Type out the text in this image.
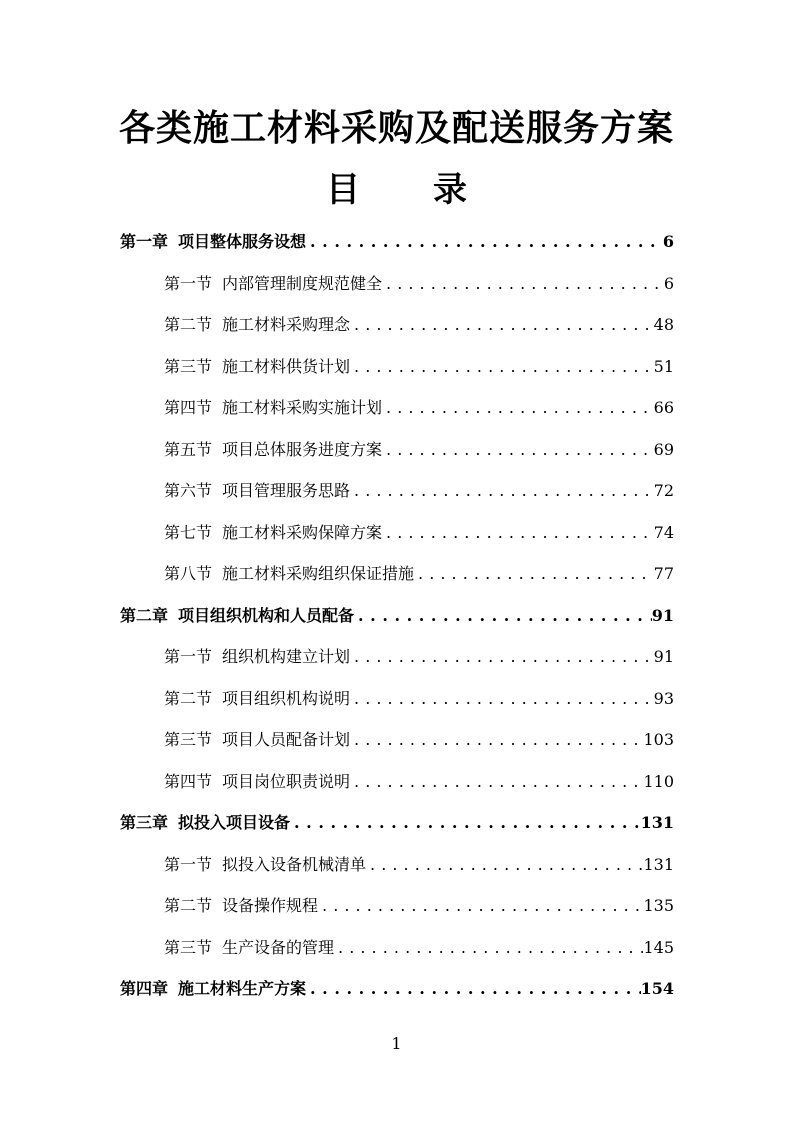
各类施工材料采购及配送服务方案
目 录
第一章 项目整体服务设想 . . .	6
第一节 内部管理制度规范健全 . . .	6
第二节 施工材料采购理念 . . .	48
第三节 施工材料供货计划 . . .	51
第四节 施工材料采购实施计划 . . .	66
第五节 项目总体服务进度方案 . . .	69
第六节 项目管理服务思路 . . .	72
第七节 施工材料采购保障方案 . . .	74
第八节 施工材料采购组织保证措施 . . .	77
第二章 项目组织机构和人员配备 . . .	91
第一节 组织机构建立计划 . . .	91
第二节 项目组织机构说明 . . .	93
第三节 项目人员配备计划 . . .	103
第四节 项目岗位职责说明 . . .	110
第三章 拟投入项目设备 . . .	131
第一节 拟投入设备机械清单 . . .	131
第二节 设备操作规程 . . .	135
第三节 生产设备的管理 . . .	145
第四章 施工材料生产方案 . . .	154
1
